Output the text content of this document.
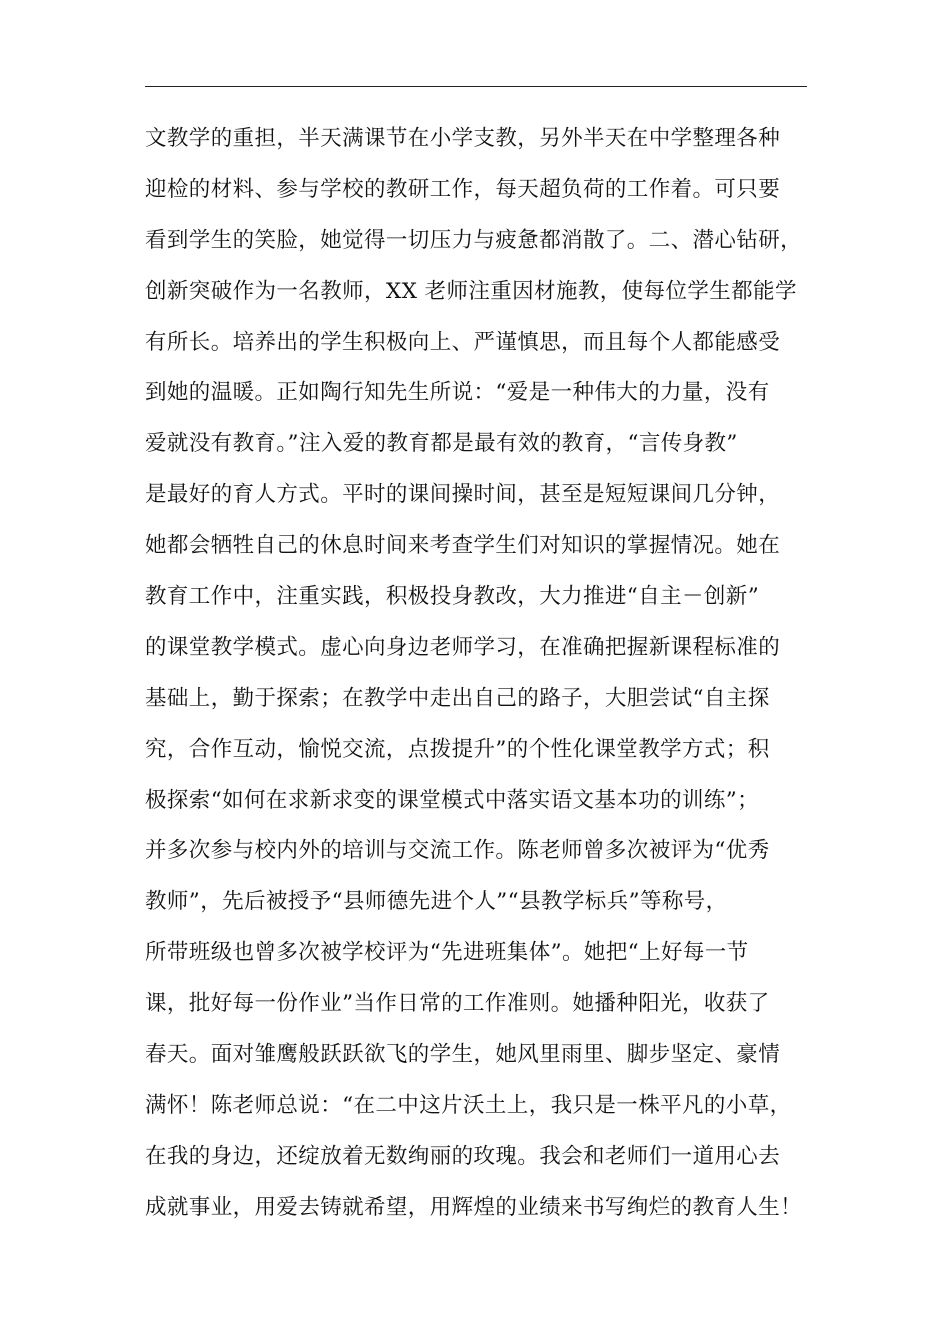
文教学的重担，半天满课节在小学支教，另外半天在中学整理各种
迎检的材料、参与学校的教研工作，每天超负荷的工作着。可只要
看到学生的笑脸，她觉得一切压力与疲惫都消散了。二、潜心钻研，
创新突破作为一名教师，XX 老师注重因材施教，使每位学生都能学
有所长。培养出的学生积极向上、严谨慎思，而且每个人都能感受
到她的温暖。正如陶行知先生所说：“爱是一种伟大的力量，没有
爱就没有教育。”注入爱的教育都是最有效的教育，“言传身教”
是最好的育人方式。平时的课间操时间，甚至是短短课间几分钟，
她都会牺牲自己的休息时间来考查学生们对知识的掌握情况。她在
教育工作中，注重实践，积极投身教改，大力推进“自主－创新”
的课堂教学模式。虚心向身边老师学习，在准确把握新课程标准的
基础上，勤于探索；在教学中走出自己的路子，大胆尝试“自主探
究，合作互动，愉悦交流，点拨提升”的个性化课堂教学方式；积
极探索“如何在求新求变的课堂模式中落实语文基本功的训练”；
并多次参与校内外的培训与交流工作。陈老师曾多次被评为“优秀
教师”，先后被授予“县师德先进个人”“县教学标兵”等称号，
所带班级也曾多次被学校评为“先进班集体”。她把“上好每一节
课，批好每一份作业”当作日常的工作准则。她播种阳光，收获了
春天。面对雏鹰般跃跃欲飞的学生，她风里雨里、脚步坚定、豪情
满怀！陈老师总说：“在二中这片沃土上，我只是一株平凡的小草，
在我的身边，还绽放着无数绚丽的玫瑰。我会和老师们一道用心去
成就事业，用爱去铸就希望，用辉煌的业绩来书写绚烂的教育人生！
